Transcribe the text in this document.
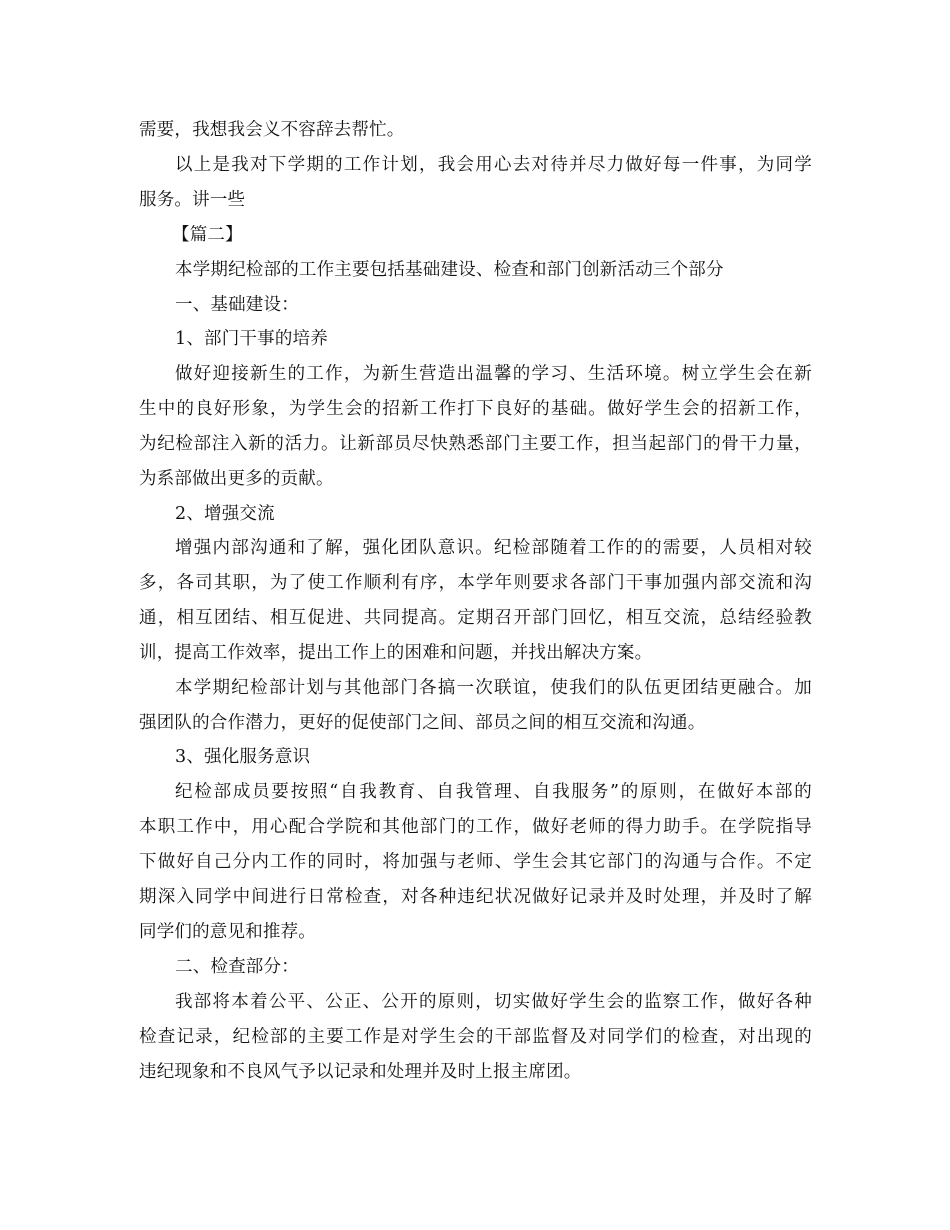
需要，我想我会义不容辞去帮忙。
以上是我对下学期的工作计划，我会用心去对待并尽力做好每一件事，为同学
服务。讲一些
【篇二】
本学期纪检部的工作主要包括基础建设、检查和部门创新活动三个部分
一、基础建设：
1、部门干事的培养
做好迎接新生的工作，为新生营造出温馨的学习、生活环境。树立学生会在新
生中的良好形象，为学生会的招新工作打下良好的基础。做好学生会的招新工作，
为纪检部注入新的活力。让新部员尽快熟悉部门主要工作，担当起部门的骨干力量，
为系部做出更多的贡献。
2、增强交流
增强内部沟通和了解，强化团队意识。纪检部随着工作的的需要，人员相对较
多，各司其职，为了使工作顺利有序，本学年则要求各部门干事加强内部交流和沟
通，相互团结、相互促进、共同提高。定期召开部门回忆，相互交流，总结经验教
训，提高工作效率，提出工作上的困难和问题，并找出解决方案。
本学期纪检部计划与其他部门各搞一次联谊，使我们的队伍更团结更融合。加
强团队的合作潜力，更好的促使部门之间、部员之间的相互交流和沟通。
3、强化服务意识
纪检部成员要按照“自我教育、自我管理、自我服务”的原则，在做好本部的
本职工作中，用心配合学院和其他部门的工作，做好老师的得力助手。在学院指导
下做好自己分内工作的同时，将加强与老师、学生会其它部门的沟通与合作。不定
期深入同学中间进行日常检查，对各种违纪状况做好记录并及时处理，并及时了解
同学们的意见和推荐。
二、检查部分：
我部将本着公平、公正、公开的原则，切实做好学生会的监察工作，做好各种
检查记录，纪检部的主要工作是对学生会的干部监督及对同学们的检查，对出现的
违纪现象和不良风气予以记录和处理并及时上报主席团。
